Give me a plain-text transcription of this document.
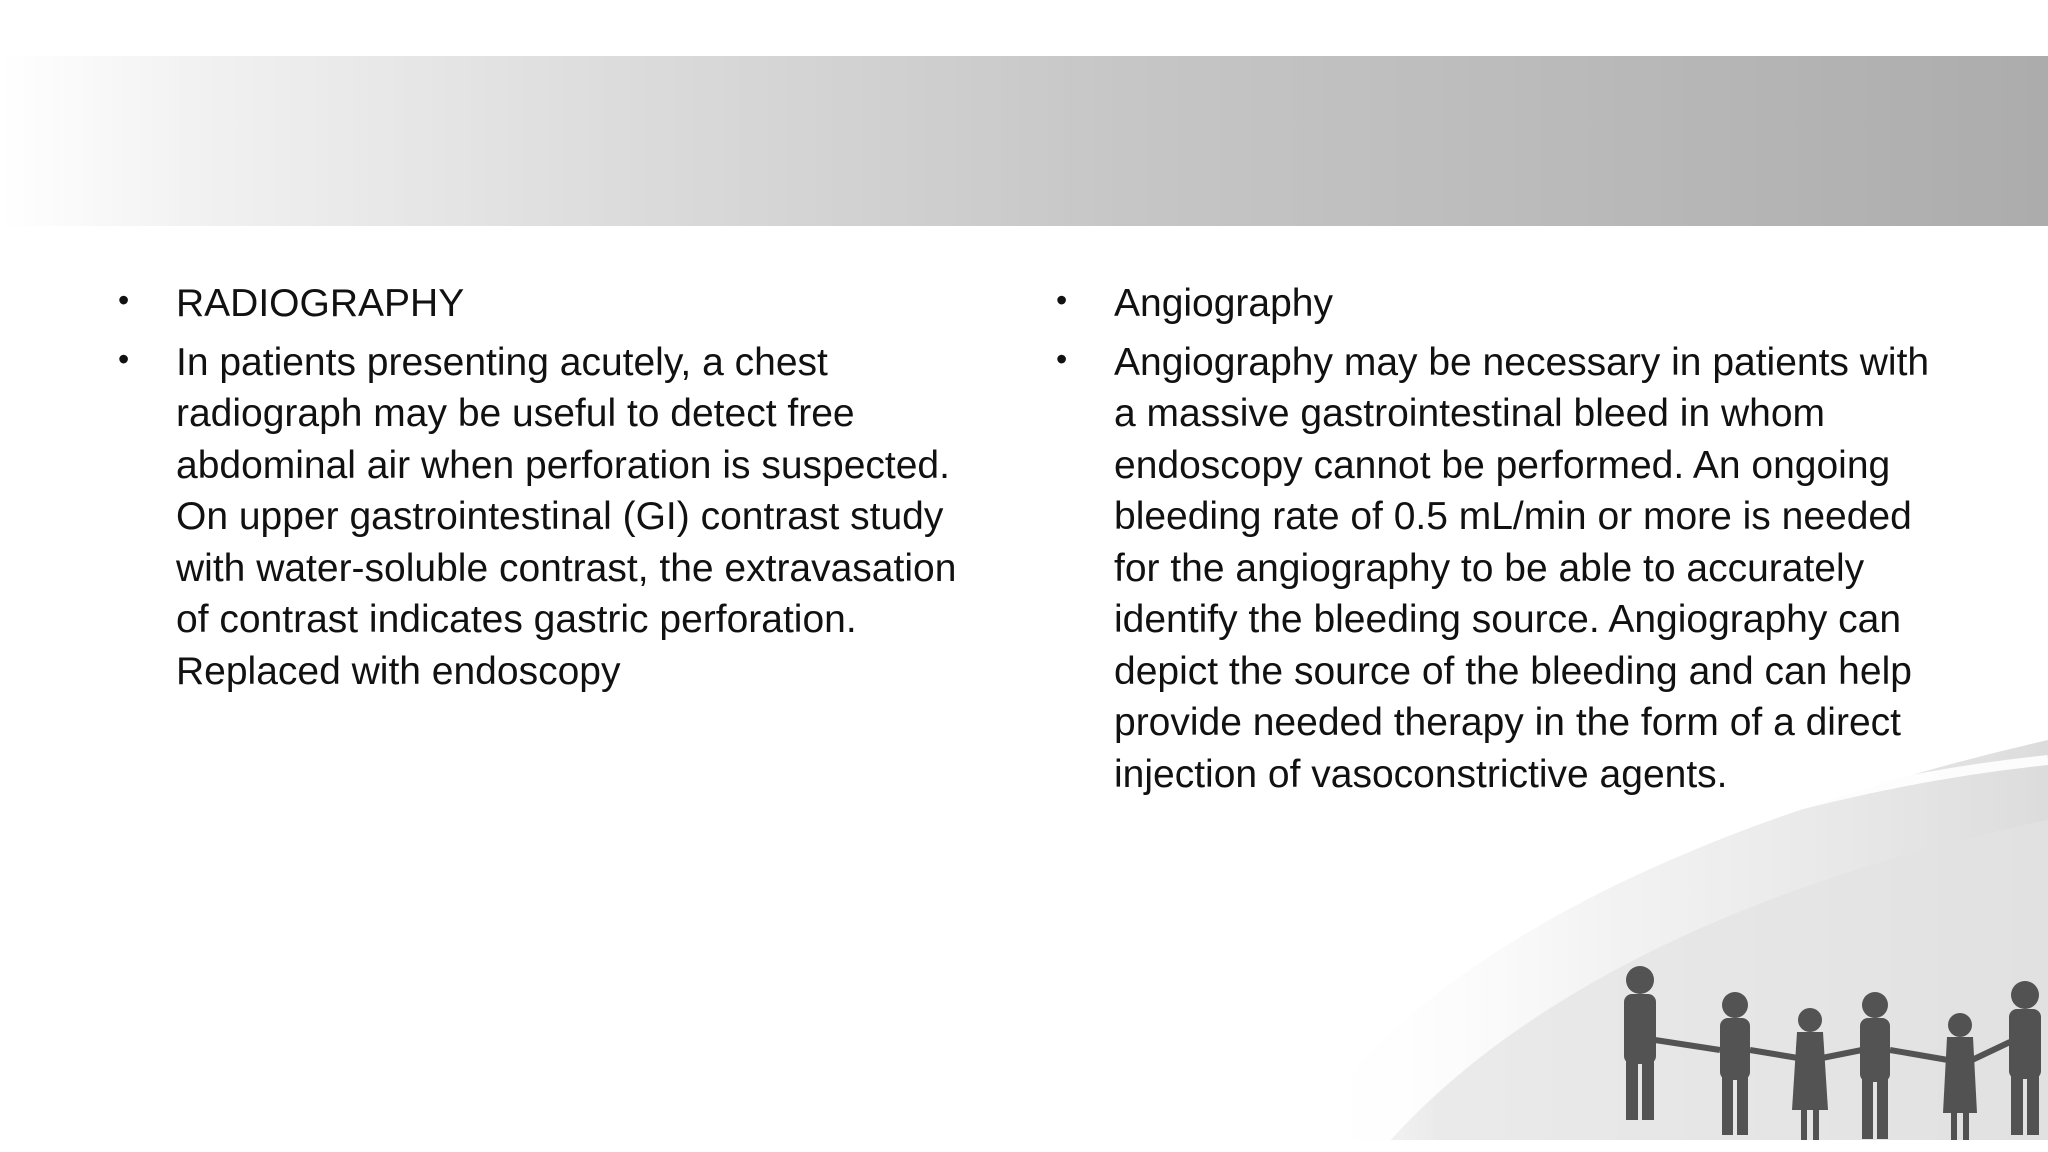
• RADIOGRAPHY
• In patients presenting acutely, a chest radiograph may be useful to detect free abdominal air when perforation is suspected. On upper gastrointestinal (GI) contrast study with water-soluble contrast, the extravasation of contrast indicates gastric perforation. Replaced with endoscopy
• Angiography
• Angiography may be necessary in patients with a massive gastrointestinal bleed in whom endoscopy cannot be performed. An ongoing bleeding rate of 0.5 mL/min or more is needed for the angiography to be able to accurately identify the bleeding source. Angiography can depict the source of the bleeding and can help provide needed therapy in the form of a direct injection of vasoconstrictive agents.
